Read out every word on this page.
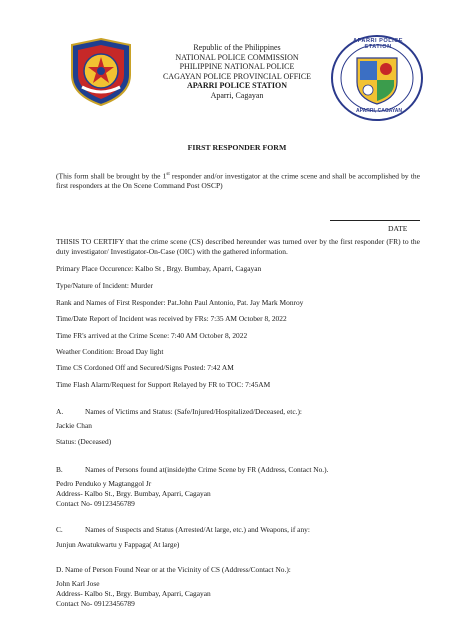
Republic of the Philippines
NATIONAL POLICE COMMISSION
PHILIPPINE NATIONAL POLICE
CAGAYAN POLICE PROVINCIAL OFFICE
APARRI POLICE STATION
Aparri, Cagayan
APARRI POLICE STATION
APARRI, CAGAYAN
FIRST RESPONDER FORM
(This form shall be brought by the 1st responder and/or investigator at the crime scene and shall be accomplished by the first responders at the On Scene Command Post OSCP)
DATE
THISIS TO CERTIFY that the crime scene (CS) described hereunder was turned over by the first responder (FR) to the duty investigator/ Investigator-On-Case (OIC) with the gathered information.
Primary Place Occurence: Kalbo St , Brgy. Bumbay, Aparri, Cagayan
Type/Nature of Incident: Murder
Rank and Names of First Responder: Pat.John Paul Antonio, Pat. Jay Mark Monroy
Time/Date Report of Incident was received by FRs: 7:35 AM October 8, 2022
Time FR's arrived at the Crime Scene: 7:40 AM October 8, 2022
Weather Condition: Broad Day light
Time CS Cordoned Off and Secured/Signs Posted: 7:42 AM
Time Flash Alarm/Request for Support Relayed by FR to TOC: 7:45AM
A.	Names of Victims and Status: (Safe/Injured/Hospitalized/Deceased, etc.):
Jackie Chan
Status: (Deceased)
B.	Names of Persons found at(inside)the Crime Scene by FR (Address, Contact No.).
Pedro Penduko y Magtanggol Jr
Address- Kalbo St., Brgy. Bumbay, Aparri, Cagayan
Contact No- 09123456789
C.	Names of Suspects and Status (Arrested/At large, etc.) and Weapons, if any:
Junjun Awatukwartu y Fappaga( At large)
D. Name of Person Found Near or at the Vicinity of CS (Address/Contact No.):
John Karl Jose
Address- Kalbo St., Brgy. Bumbay, Aparri, Cagayan
Contact No- 09123456789
